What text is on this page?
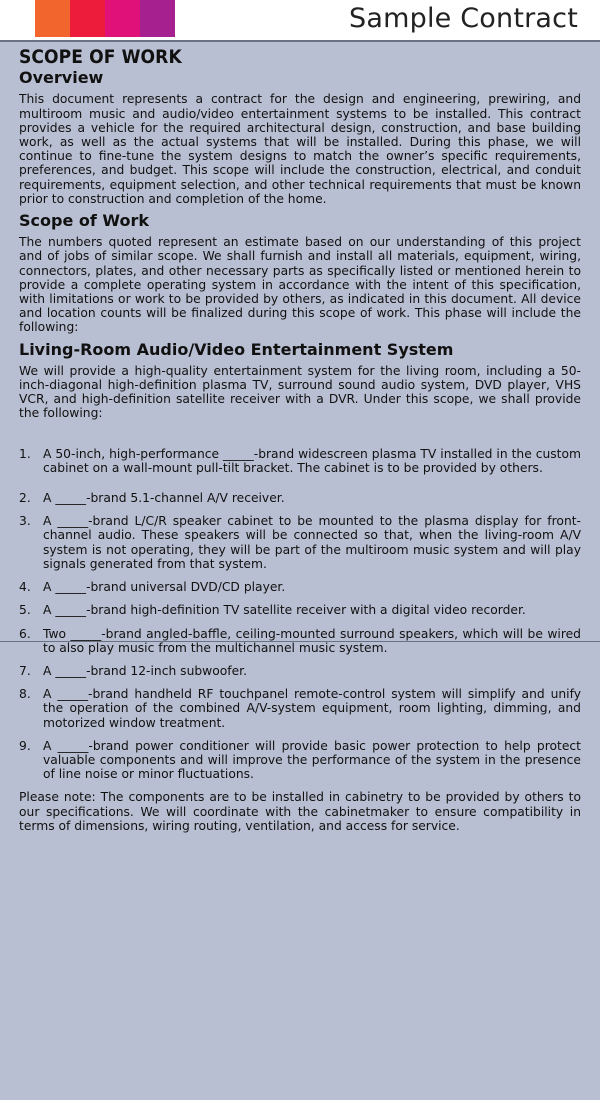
Sample Contract
SCOPE OF WORK
Overview

This document represents a contract for the design and engineering, prewiring, and multiroom music and audio/video entertainment systems to be installed. This contract provides a vehicle for the required architectural design, construction, and base building work, as well as the actual systems that will be installed. During this phase, we will continue to fine-tune the system designs to match the owner’s specific requirements, preferences, and budget. This scope will include the construction, electrical, and conduit requirements, equipment selection, and other technical requirements that must be known prior to construction and completion of the home.

Scope of Work

The numbers quoted represent an estimate based on our understanding of this project and of jobs of similar scope. We shall furnish and install all materials, equipment, wiring, connectors, plates, and other necessary parts as specifically listed or mentioned herein to provide a complete operating system in accordance with the intent of this specification, with limitations or work to be provided by others, as indicated in this document. All device and location counts will be finalized during this scope of work. This phase will include the following:

Living-Room Audio/Video Entertainment System

We will provide a high-quality entertainment system for the living room, including a 50-inch-diagonal high-definition plasma TV, surround sound audio system, DVD player, VHS VCR, and high-definition satellite receiver with a DVR. Under this scope, we shall provide the following:

1. A 50-inch, high-performance _____-brand widescreen plasma TV installed in the custom cabinet on a wall-mount pull-tilt bracket. The cabinet is to be provided by others.
2. A _____-brand 5.1-channel A/V receiver.
3. A _____-brand L/C/R speaker cabinet to be mounted to the plasma display for front-channel audio. These speakers will be connected so that, when the living-room A/V system is not operating, they will be part of the multiroom music system and will play signals generated from that system.
4. A _____-brand universal DVD/CD player.
5. A _____-brand high-definition TV satellite receiver with a digital video recorder.
6. Two _____-brand angled-baffle, ceiling-mounted surround speakers, which will be wired to also play music from the multichannel music system.
7. A _____-brand 12-inch subwoofer.
8. A _____-brand handheld RF touchpanel remote-control system will simplify and unify the operation of the combined A/V-system equipment, room lighting, dimming, and motorized window treatment.
9. A _____-brand power conditioner will provide basic power protection to help protect valuable components and will improve the performance of the system in the presence of line noise or minor fluctuations.

Please note: The components are to be installed in cabinetry to be provided by others to our specifications. We will coordinate with the cabinetmaker to ensure compatibility in terms of dimensions, wiring routing, ventilation, and access for service.
